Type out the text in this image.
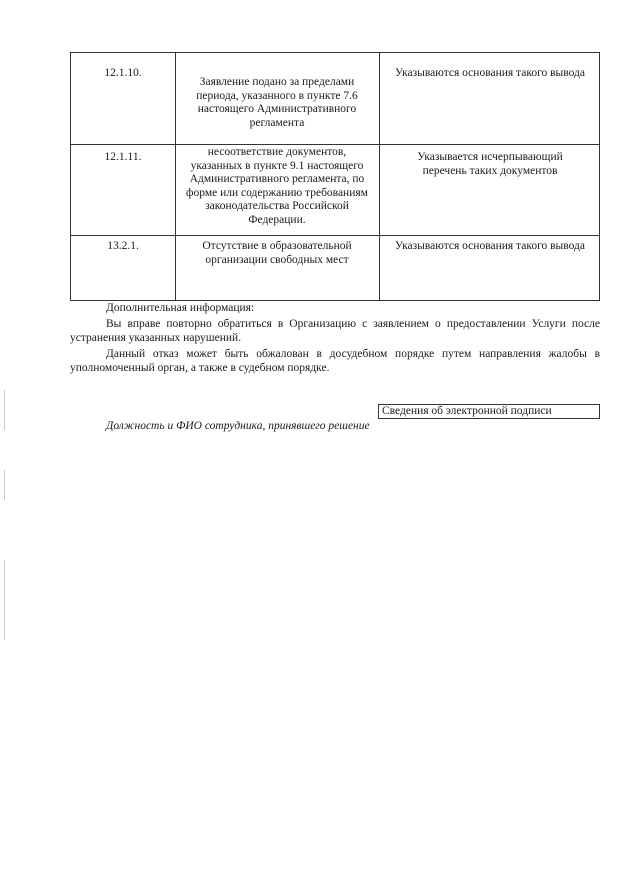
12.1.10.
Заявление подано за пределами периода, указанного в пункте 7.6 настоящего Административного регламента
Указываются основания такого вывода
12.1.11.	несоответствие документов, указанных в пункте 9.1 настоящего Административного регламента, по форме или содержанию требованиям законодательства Российской Федерации.
Указывается исчерпывающий перечень таких документов
13.2.1.	Отсутствие в образовательной организации свободных мест
Указываются основания такого вывода
Дополнительная информация:
Вы вправе повторно обратиться в Организацию с заявлением о предоставлении Услуги после устранения указанных нарушений.
Данный отказ может быть обжалован в досудебном порядке путем направления жалобы в уполномоченный орган, а также в судебном порядке.
Сведения об электронной подписи
Должность и ФИО сотрудника, принявшего решение
